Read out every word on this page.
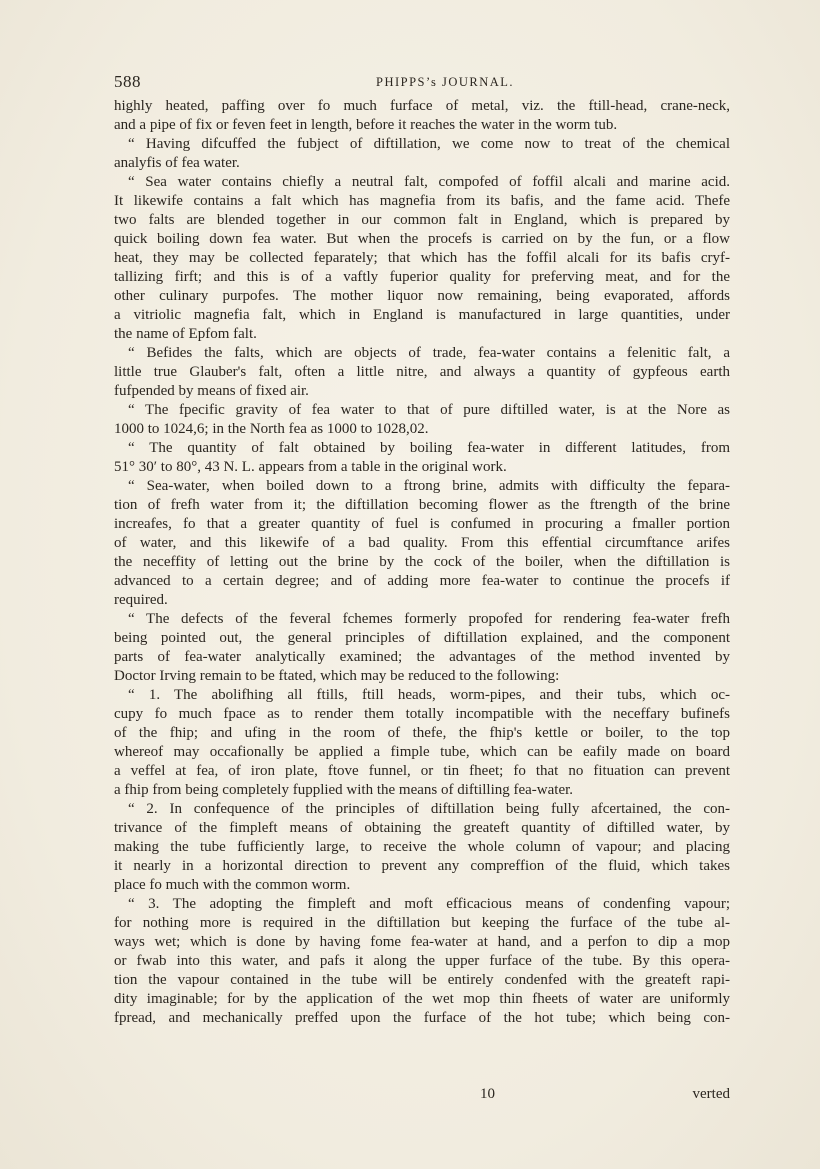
588	PHIPPS’s JOURNAL.
highly heated, paffing over fo much furface of metal, viz. the ftill-head, crane-neck,
and a pipe of fix or feven feet in length, before it reaches the water in the worm tub.
“ Having difcuffed the fubject of diftillation, we come now to treat of the chemical
analyfis of fea water.
“ Sea water contains chiefly a neutral falt, compofed of foffil alcali and marine acid.
It likewife contains a falt which has magnefia from its bafis, and the fame acid. Thefe
two falts are blended together in our common falt in England, which is prepared by
quick boiling down fea water. But when the procefs is carried on by the fun, or a flow
heat, they may be collected feparately; that which has the foffil alcali for its bafis cryf-
tallizing firft; and this is of a vaftly fuperior quality for preferving meat, and for the
other culinary purpofes. The mother liquor now remaining, being evaporated, affords
a vitriolic magnefia falt, which in England is manufactured in large quantities, under
the name of Epfom falt.
“ Befides the falts, which are objects of trade, fea-water contains a felenitic falt, a
little true Glauber's falt, often a little nitre, and always a quantity of gypfeous earth
fufpended by means of fixed air.
“ The fpecific gravity of fea water to that of pure diftilled water, is at the Nore as
1000 to 1024,6; in the North fea as 1000 to 1028,02.
“ The quantity of falt obtained by boiling fea-water in different latitudes, from
51° 30′ to 80°, 43 N. L. appears from a table in the original work.
“ Sea-water, when boiled down to a ftrong brine, admits with difficulty the fepara-
tion of frefh water from it; the diftillation becoming flower as the ftrength of the brine
increafes, fo that a greater quantity of fuel is confumed in procuring a fmaller portion
of water, and this likewife of a bad quality. From this effential circumftance arifes
the neceffity of letting out the brine by the cock of the boiler, when the diftillation is
advanced to a certain degree; and of adding more fea-water to continue the procefs if
required.
“ The defects of the feveral fchemes formerly propofed for rendering fea-water frefh
being pointed out, the general principles of diftillation explained, and the component
parts of fea-water analytically examined; the advantages of the method invented by
Doctor Irving remain to be ftated, which may be reduced to the following:
“ 1. The abolifhing all ftills, ftill heads, worm-pipes, and their tubs, which oc-
cupy fo much fpace as to render them totally incompatible with the neceffary bufinefs
of the fhip; and ufing in the room of thefe, the fhip's kettle or boiler, to the top
whereof may occafionally be applied a fimple tube, which can be eafily made on board
a veffel at fea, of iron plate, ftove funnel, or tin fheet; fo that no fituation can prevent
a fhip from being completely fupplied with the means of diftilling fea-water.
“ 2. In confequence of the principles of diftillation being fully afcertained, the con-
trivance of the fimpleft means of obtaining the greateft quantity of diftilled water, by
making the tube fufficiently large, to receive the whole column of vapour; and placing
it nearly in a horizontal direction to prevent any compreffion of the fluid, which takes
place fo much with the common worm.
“ 3. The adopting the fimpleft and moft efficacious means of condenfing vapour;
for nothing more is required in the diftillation but keeping the furface of the tube al-
ways wet; which is done by having fome fea-water at hand, and a perfon to dip a mop
or fwab into this water, and pafs it along the upper furface of the tube. By this opera-
tion the vapour contained in the tube will be entirely condenfed with the greateft rapi-
dity imaginable; for by the application of the wet mop thin fheets of water are uniformly
fpread, and mechanically preffed upon the furface of the hot tube; which being con-
10	verted
